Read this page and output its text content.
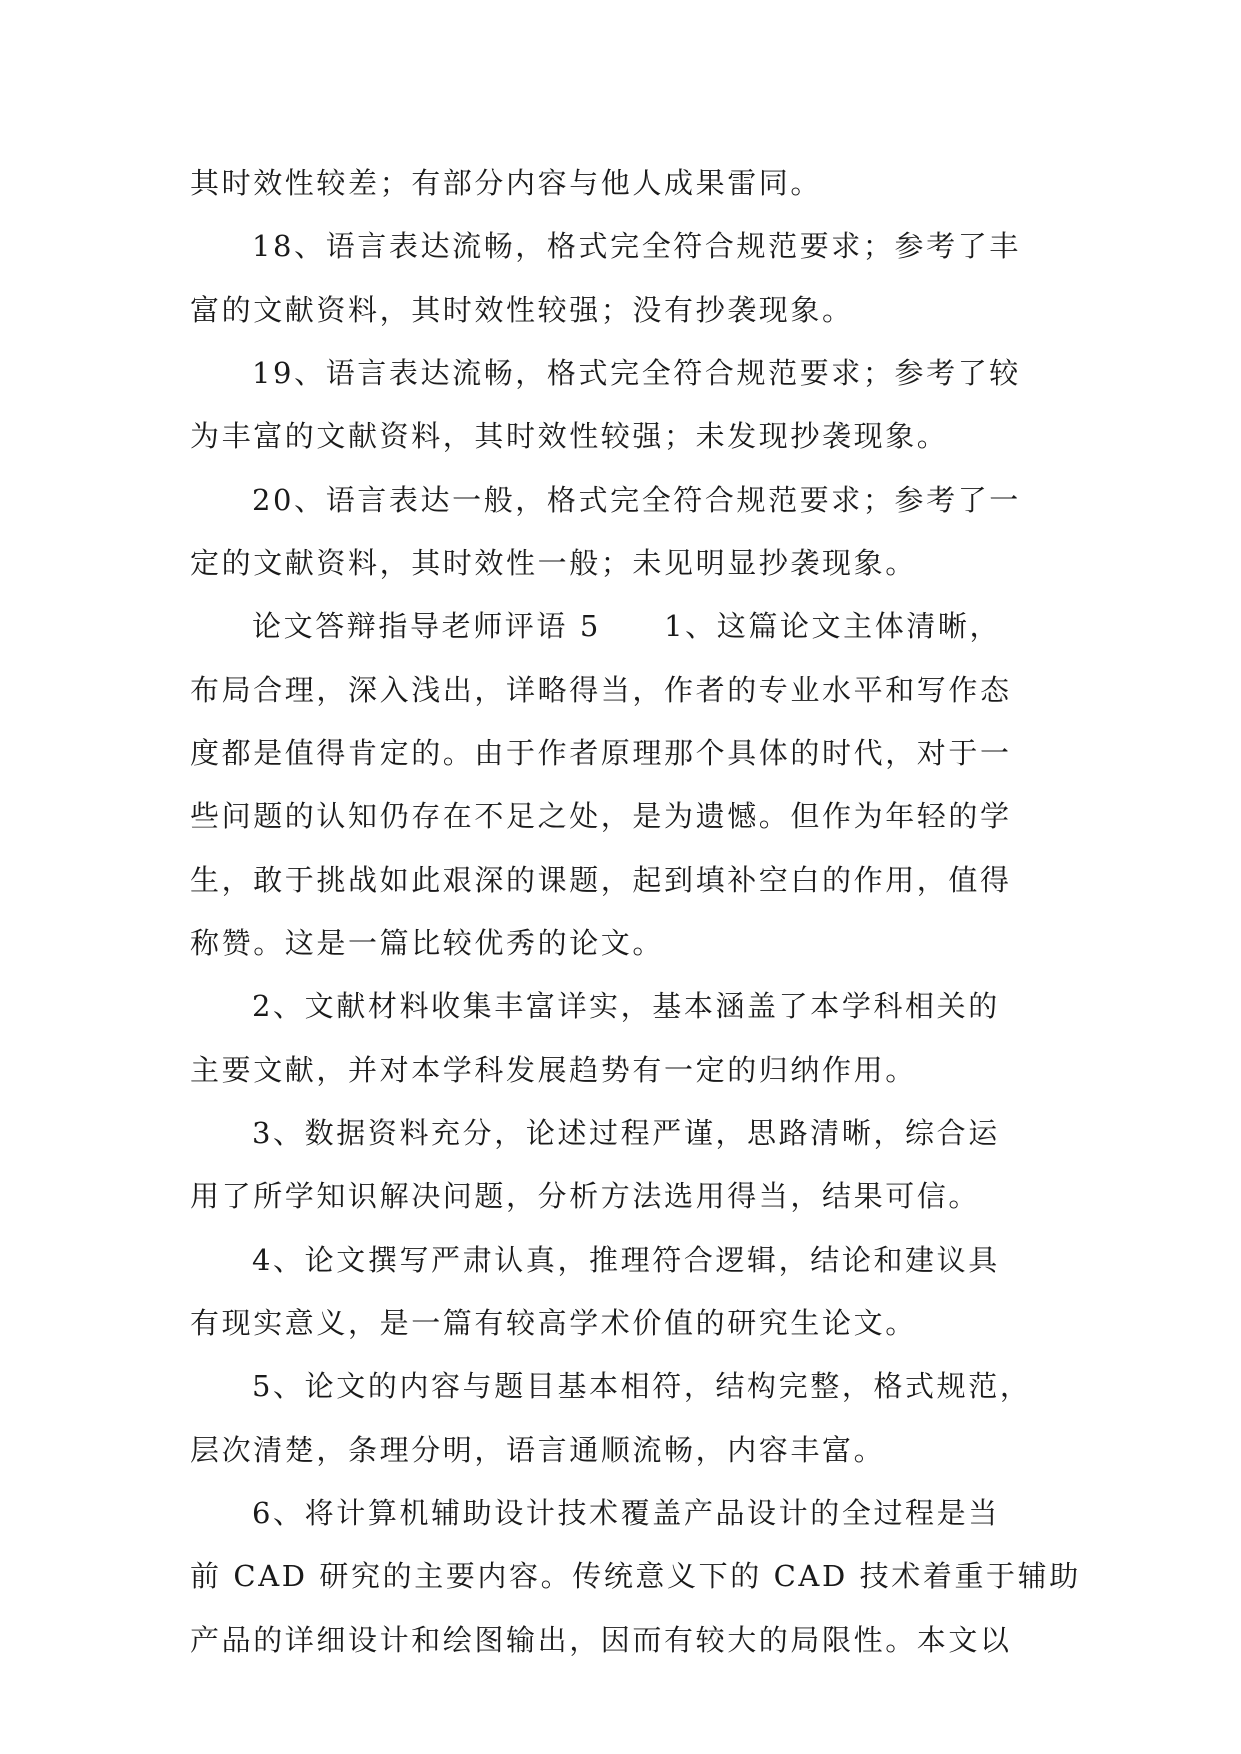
其时效性较差；有部分内容与他人成果雷同。
18、语言表达流畅，格式完全符合规范要求；参考了丰
富的文献资料，其时效性较强；没有抄袭现象。
19、语言表达流畅，格式完全符合规范要求；参考了较
为丰富的文献资料，其时效性较强；未发现抄袭现象。
20、语言表达一般，格式完全符合规范要求；参考了一
定的文献资料，其时效性一般；未见明显抄袭现象。
论文答辩指导老师评语 5　　1、这篇论文主体清晰，
布局合理，深入浅出，详略得当，作者的专业水平和写作态
度都是值得肯定的。由于作者原理那个具体的时代，对于一
些问题的认知仍存在不足之处，是为遗憾。但作为年轻的学
生，敢于挑战如此艰深的课题，起到填补空白的作用，值得
称赞。这是一篇比较优秀的论文。
2、文献材料收集丰富详实，基本涵盖了本学科相关的
主要文献，并对本学科发展趋势有一定的归纳作用。
3、数据资料充分，论述过程严谨，思路清晰，综合运
用了所学知识解决问题，分析方法选用得当，结果可信。
4、论文撰写严肃认真，推理符合逻辑，结论和建议具
有现实意义，是一篇有较高学术价值的研究生论文。
5、论文的内容与题目基本相符，结构完整，格式规范，
层次清楚，条理分明，语言通顺流畅，内容丰富。
6、将计算机辅助设计技术覆盖产品设计的全过程是当
前 CAD 研究的主要内容。传统意义下的 CAD 技术着重于辅助
产品的详细设计和绘图输出，因而有较大的局限性。本文以
